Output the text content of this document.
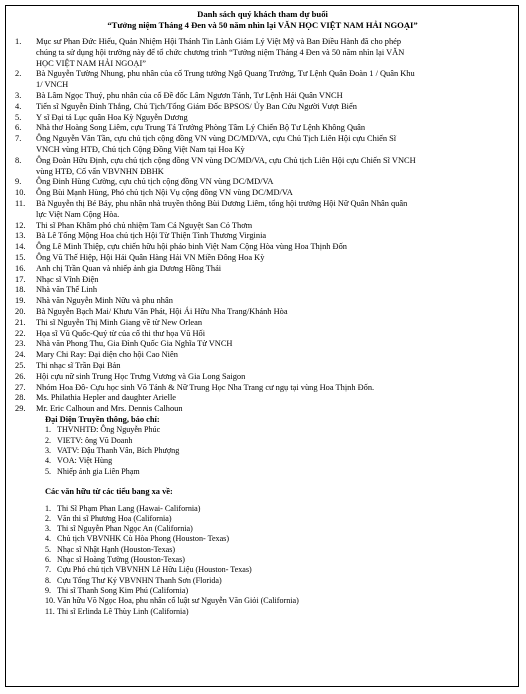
Danh sách quý khách tham dự buổi
“Tưởng niệm Tháng 4 Đen và 50 năm nhìn lại VĂN HỌC VIỆT NAM HẢI NGOẠI”
1.	Mục sư Phan Đức Hiếu, Quản Nhiệm Hội Thánh Tin Lành Giám Lý Việt Mỹ và Ban Điều Hành đã cho phép
chúng ta sử dụng hội trường này để tổ chức chương trình “Tưởng niệm Tháng 4 Đen và 50 năm nhìn lại VĂN
HỌC VIỆT NAM HẢI NGOẠI”
2.	Bà Nguyễn Tường Nhung, phu nhân của cố Trung tướng Ngô Quang Trưởng, Tư Lệnh Quân Đoàn 1 / Quân Khu
1/ VNCH
3.	Bà Lâm Ngọc Thuý, phu nhân của cố Đề đốc Lâm Ngươn Tánh, Tư Lệnh Hải Quân VNCH
4.	Tiến sĩ Nguyễn Đình Thắng, Chủ Tịch/Tổng Giám Đốc BPSOS/ Ủy Ban Cứu Người Vượt Biển
5.	Y sĩ Đại tá Lục quân Hoa Kỳ Nguyễn Dương
6.	Nhà thơ Hoàng Song Liêm, cựu Trung Tá Trưởng Phòng Tâm Lý Chiến Bộ Tư Lệnh Không Quân
7.	Ông Nguyễn Văn Tần, cựu chủ tịch cộng đồng VN vùng DC/MD/VA, cựu Chủ Tịch Liên Hội cựu Chiến Sĩ
VNCH vùng HTĐ, Chủ tịch Cộng Đồng Việt Nam tại Hoa Kỳ
8.	Ông Đoàn Hữu Định, cựu chủ tịch cộng đồng VN vùng DC/MD/VA, cựu Chủ tịch Liên Hội cựu Chiến Sĩ VNCH
vùng HTĐ, Cố vấn VBVNHN ĐBHK
9.	Ông Đinh Hùng Cường, cựu chủ tịch cộng đồng VN vùng DC/MD/VA
10.	Ông Bùi Mạnh Hùng, Phó chủ tịch Nội Vụ cộng đồng VN vùng DC/MD/VA
11.	Bà Nguyễn thị Bé Bảy, phu nhân nhà truyền thông Bùi Dương Liêm, tổng hội trưởng Hội Nữ Quân Nhân quân
lực Việt Nam Cộng Hòa.
12.	Thi sĩ Phan Khâm phó chủ nhiệm Tam Cá Nguyệt San Cỏ Thơm
13.	Bà Lê Tống Mộng Hoa chủ tịch Hội Từ Thiện Tình Thương Virginia
14.	Ông Lê Minh Thiệp, cựu chiến hữu hội pháo binh Việt Nam Cộng Hòa vùng Hoa Thịnh Đốn
15.	Ông Vũ Thế Hiệp, Hội Hải Quân Hàng Hải VN Miền Đông Hoa Kỳ
16.	Anh chị Trần Quan và nhiếp ảnh gia Dương Hồng Thái
17.	Nhạc sĩ Vĩnh Điện
18.	Nhà văn Thế Linh
19.	Nhà văn Nguyễn Minh Nữu và phu nhân
20.	Bà Nguyễn Bạch Mai/ Khưu Văn Phát, Hội Ái Hữu Nha Trang/Khánh Hòa
21.	Thi sĩ Nguyễn Thị Minh Giang về từ New Orlean
22.	Họa sĩ Vũ Quốc-Quý từ của cố thi thư họa Vũ Hối
23.	Nhà văn Phong Thu, Gia Đình Quốc Gia Nghĩa Tử VNCH
24.	Mary Chi Ray: Đại diện cho hội Cao Niên
25.	Thi nhạc sĩ Trần Đại Bản
26.	Hội cựu nữ sinh Trung Học Trưng Vương và Gia Long Saigon
27.	Nhóm Hoa Đô- Cựu học sinh Võ Tánh & Nữ Trung Học Nha Trang cư ngụ tại vùng Hoa Thịnh Đốn.
28.	Ms. Philathia Hepler and daughter Arielle
29.	Mr. Eric Calhoun and Mrs. Dennis Calhoun
Đại Diện Truyền thông, báo chí:
1. THVNHTĐ: Ông Nguyễn Phúc
2. VIETV: ông Vũ Doanh
3. VATV: Đậu Thanh Vân, Bích Phượng
4. VOA: Việt Hùng
5. Nhiếp ảnh gia Liên Phạm
Các văn hữu từ các tiểu bang xa về:
1. Thi Sĩ Phạm Phan Lang (Hawai- California)
2. Văn thi sĩ Phương Hoa (California)
3. Thi sĩ Nguyễn Phan Ngọc An (California)
4. Chủ tịch VBVNHK Cù Hòa Phong (Houston- Texas)
5. Nhạc sĩ Nhật Hạnh (Houston-Texas)
6. Nhạc sĩ Hoàng Tường (Houston-Texas)
7. Cựu Phó chủ tịch VBVNHN Lê Hữu Liệu (Houston- Texas)
8. Cựu Tổng Thư Ký VBVNHN Thanh Sơn (Florida)
9. Thi sĩ Thanh Song Kim Phú (California)
10. Văn hữu Võ Ngọc Hoa, phu nhân cố luật sư Nguyễn Văn Giỏi (California)
11. Thi sĩ Erlinda Lê Thùy Linh (California)
